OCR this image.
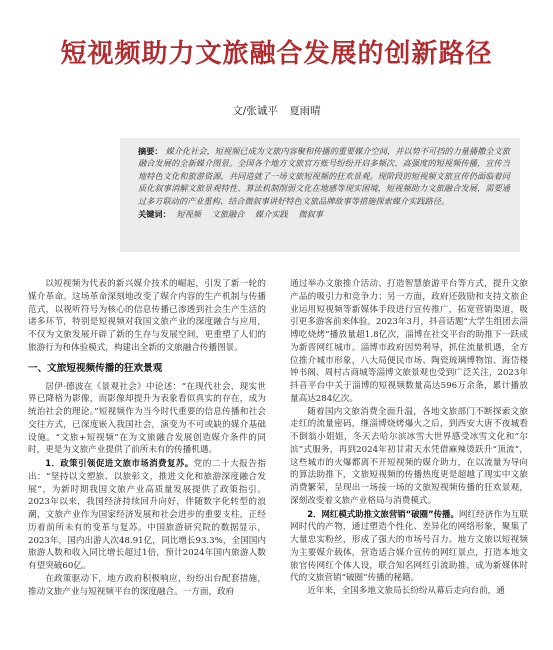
短视频助力文旅融合发展的创新路径
文/张诚平 夏雨晴
摘要： 媒介化社会，短视频已成为文旅内容聚和传播的重要媒介空间，并以势不可挡的力量播撒全文旅融合发展的全新媒介图景。全国各个地方文旅官方账号纷纷开启多频次、高强度的短视频传播，宣传当地特色文化和旅游资源，共同造就了一场文旅短视频的狂欢景观。现阶段的短视频文旅宣传仍面临着同质化叙事消解文旅景观特性、算法机制削弱文化在地感等现实困境，短视频助力文旅融合发展，需要通过多方联动的产业重构、结合微叙事讲好特色文旅品牌故事等措施探索媒介实践路径。
关键词： 短视频 文旅融合 媒介实践 微叙事

以短视频为代表的新兴媒介技术的崛起，引发了新一轮的媒介革命。这场革命深刻地改变了媒介内容的生产机制与传播范式，以视听符号为核心的信息传播已渗透到社会生产生活的诸多环节，特别是短视频对我国文旅产业的深度融合与应用，不仅为文旅发展开辟了新的生存与发展空间，更重塑了人们的旅游行为和体验模式，构建出全新的文旅融合传播图景。

一、文旅短视频传播的狂欢景观

居伊·德波在《景观社会》中论述：“在现代社会，现实世界已降格为影像，而影像却提升为表象看似真实的存在，成为统治社会的理论。”短视频作为当今时代重要的信息传播和社会交往方式，已深度嵌入我国社会，演变为不可或缺的媒介基础设施。“文旅+短视频”在为文旅融合发展创造媒介条件的同时，更是为文旅产业提供了前所未有的传播机遇。

1．政策引领促进文旅市场消费复苏。党的二十大报告指出：“坚持以文塑旅、以旅彰文，推进文化和旅游深度融合发展”，为新时期我国文旅产业高质量发展提供了政策指引。2023年以来，我国经济持续回升向好，伴随数字化转型的浪潮，文旅产业作为国家经济发展和社会进步的重要支柱，正经历着前所未有的变革与复苏。中国旅游研究院的数据显示，2023年，国内出游人次48.91亿，同比增长93.3%，全国国内旅游人数和收入同比增长超过1倍，预计2024年国内旅游人数有望突破60亿。

在政策驱动下，地方政府积极响应，纷纷出台配套措施，推动文旅产业与短视频平台的深度融合。一方面，政府

通过举办文旅推介活动、打造智慧旅游平台等方式，提升文旅产品的吸引力和竞争力；另一方面，政府还鼓励和支持文旅企业运用短视频等新媒体手段进行宣传推广，拓宽营销渠道，吸引更多游客前来体验。2023年3月，抖音话题“大学生组团去淄博吃烧烤”播放量超1.8亿次，淄博在社交平台的助推下一跃成为新晋网红城市。淄博市政府因势利导，抓住流量机遇，全方位推介城市形象，八大局便民市场、陶瓷琉璃博物馆、海岱楼钟书阁、周村古商城等淄博文旅景观也受到广泛关注，2023年抖音平台中关于淄博的短视频数量高达596万余条，累计播放量高达284亿次。

随着国内文旅消费全面升温，各地文旅部门不断探索文旅走红的流量密码，继淄博烧烤爆火之后，到西安大唐不夜城看不倒翁小姐姐，冬天去哈尔滨冰雪大世界感受冰雪文化和“尔滨”式服务，再到2024年初甘肃天水凭借麻辣烫跃升“顶流”，这些城市的火爆都离不开短视频的媒介助力，在以流量为导向的算法助推下，文旅短视频的传播热度更是超越了现实中文旅消费繁荣，呈现出一场接一场的文旅短视频传播的狂欢景观，深刻改变着文旅产业格局与消费模式。

2．网红模式助推文旅营销“破圈”传播。网红经济作为互联网时代的产物，通过塑造个性化、差异化的网络形象，聚集了大量忠实粉丝，形成了强大的市场号召力。地方文旅以短视频为主要媒介载体，营造适合媒介宣传的网红景点，打造本地文旅官传网红个体人设，联合知名网红引流助推，成为新媒体时代的文旅营销“破圈”传播的秘籍。

近年来，全国多地文旅局长纷纷从幕后走向台前，通
